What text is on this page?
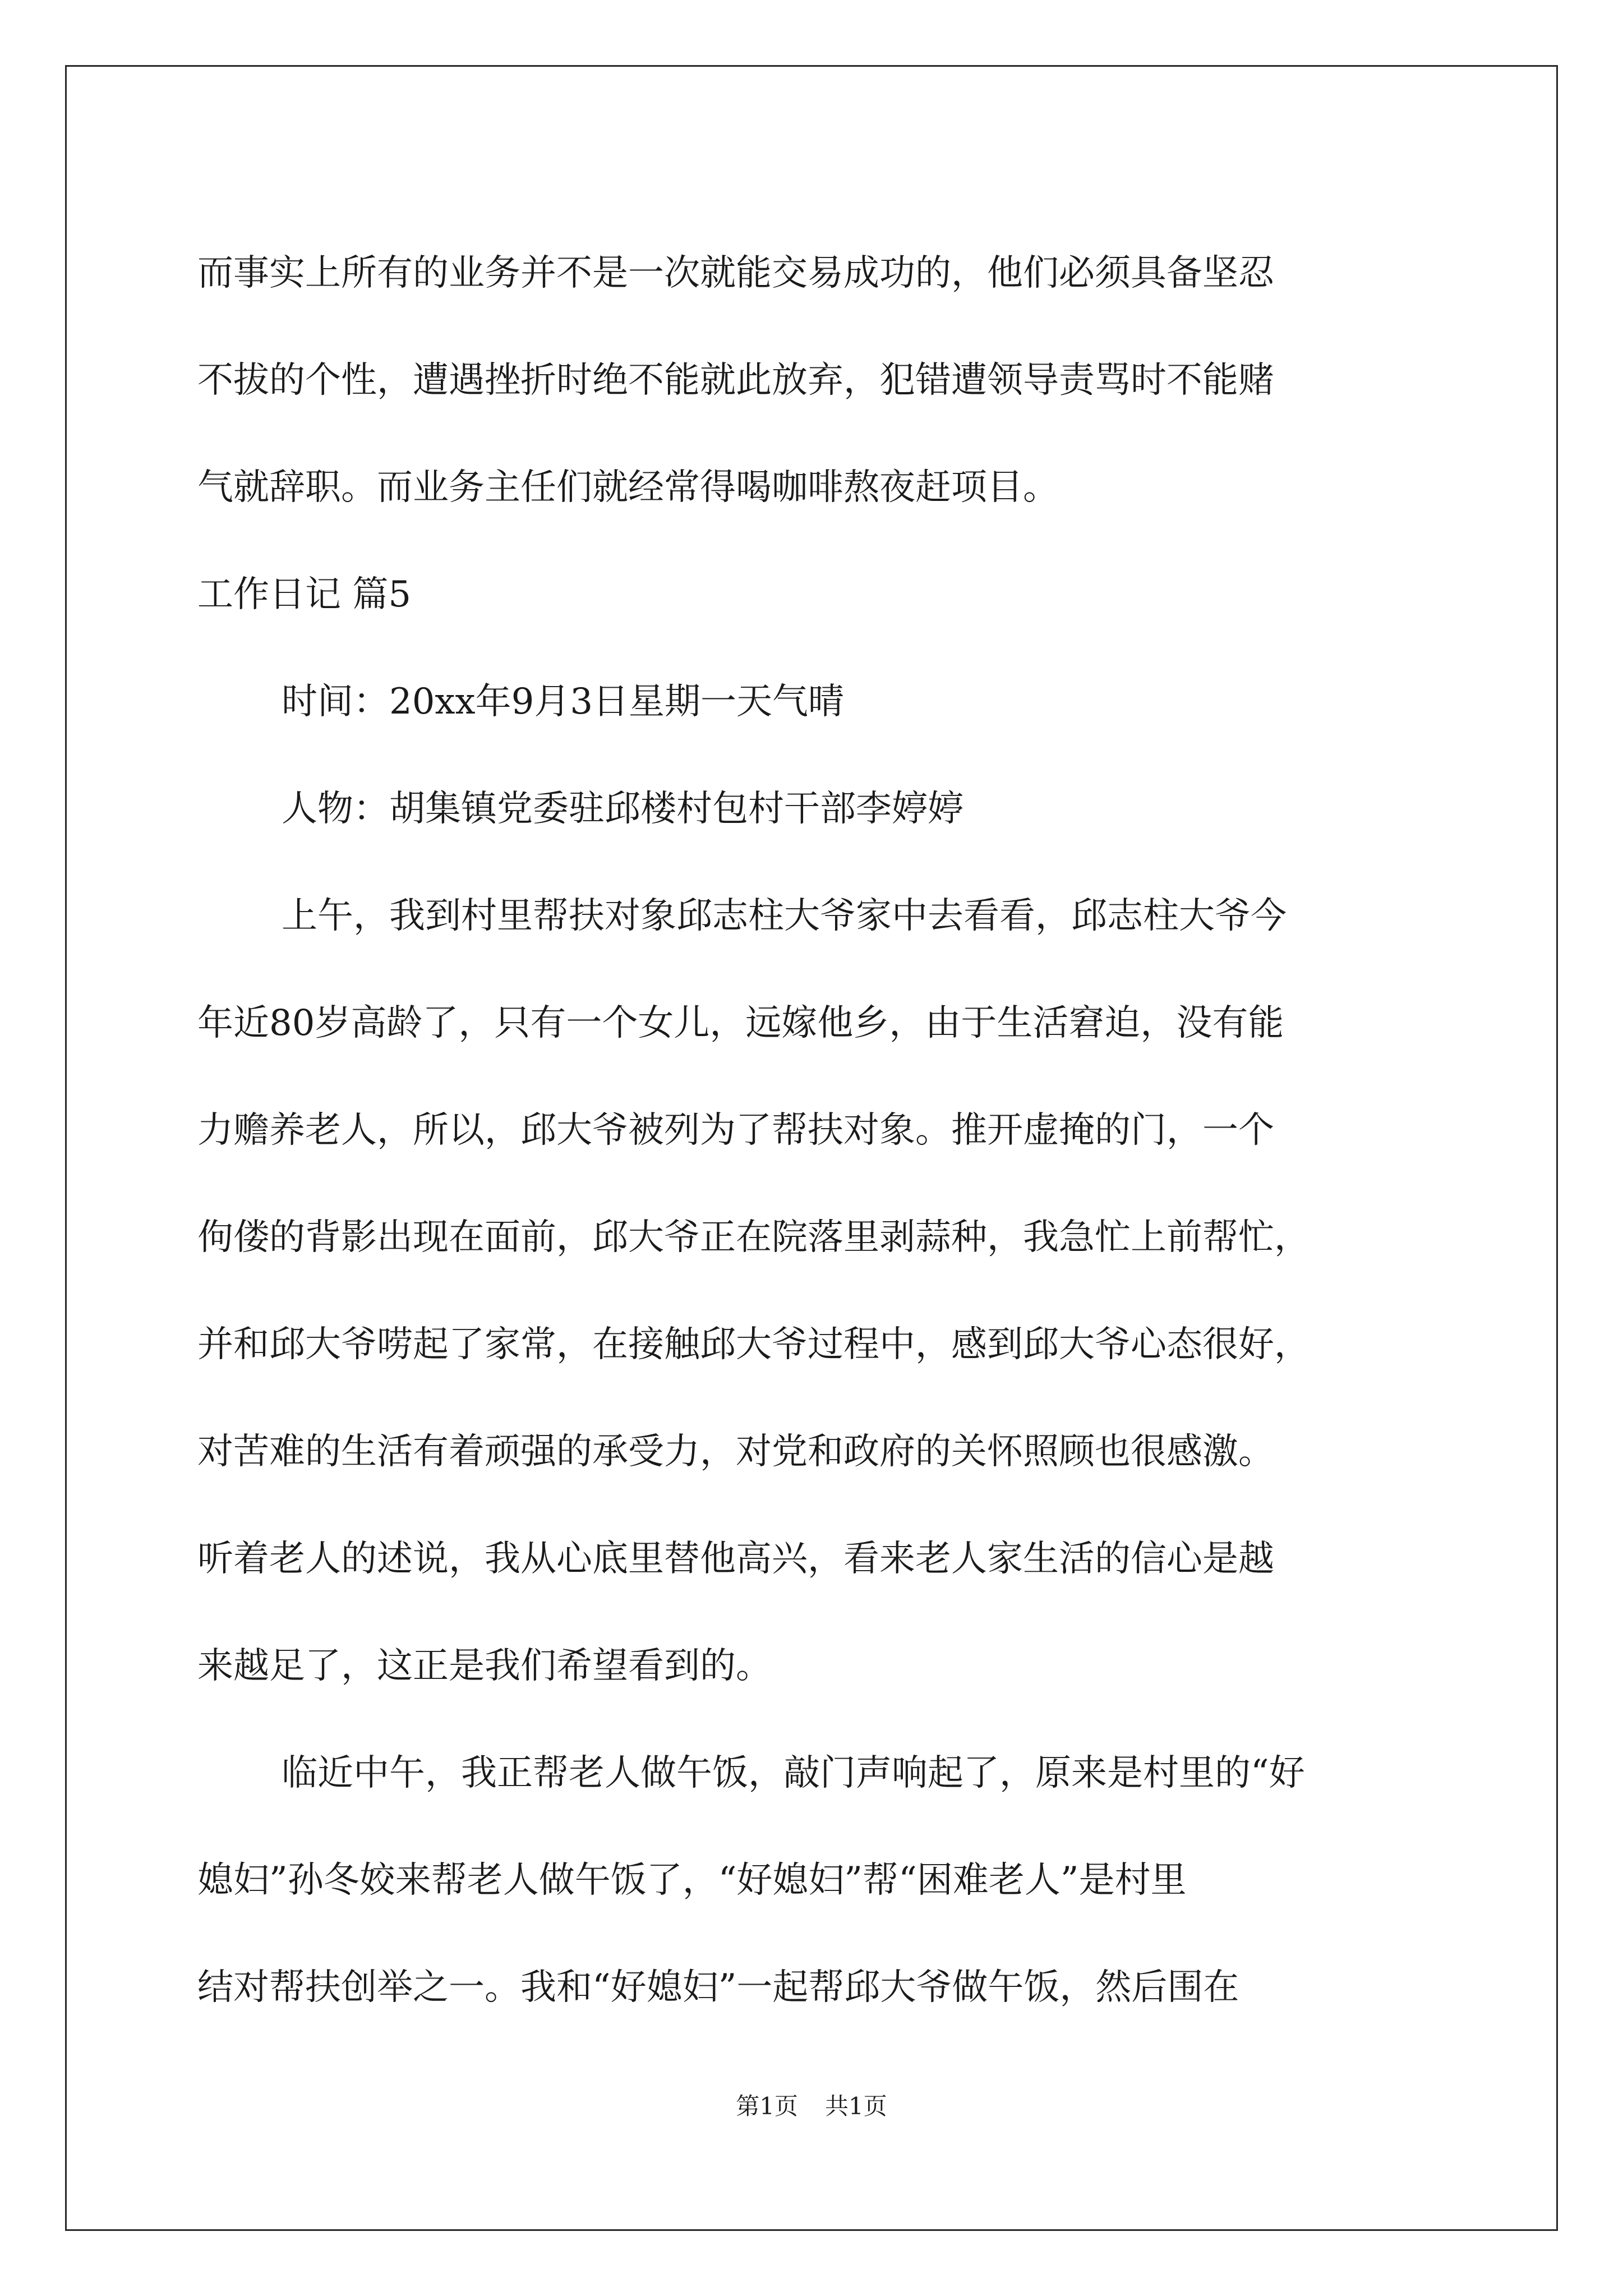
而事实上所有的业务并不是一次就能交易成功的，他们必须具备坚忍
不拔的个性，遭遇挫折时绝不能就此放弃，犯错遭领导责骂时不能赌
气就辞职。而业务主任们就经常得喝咖啡熬夜赶项目。
工作日记 篇5
时间：20xx年9月3日星期一天气晴
人物：胡集镇党委驻邱楼村包村干部李婷婷
上午，我到村里帮扶对象邱志柱大爷家中去看看，邱志柱大爷今
年近80岁高龄了，只有一个女儿，远嫁他乡，由于生活窘迫，没有能
力赡养老人，所以，邱大爷被列为了帮扶对象。推开虚掩的门，一个
佝偻的背影出现在面前，邱大爷正在院落里剥蒜种，我急忙上前帮忙，
并和邱大爷唠起了家常，在接触邱大爷过程中，感到邱大爷心态很好，
对苦难的生活有着顽强的承受力，对党和政府的关怀照顾也很感激。
听着老人的述说，我从心底里替他高兴，看来老人家生活的信心是越
来越足了，这正是我们希望看到的。
临近中午，我正帮老人做午饭，敲门声响起了，原来是村里的“好
媳妇”孙冬姣来帮老人做午饭了，“好媳妇”帮“困难老人”是村里
结对帮扶创举之一。我和“好媳妇”一起帮邱大爷做午饭，然后围在
第1页 共1页
